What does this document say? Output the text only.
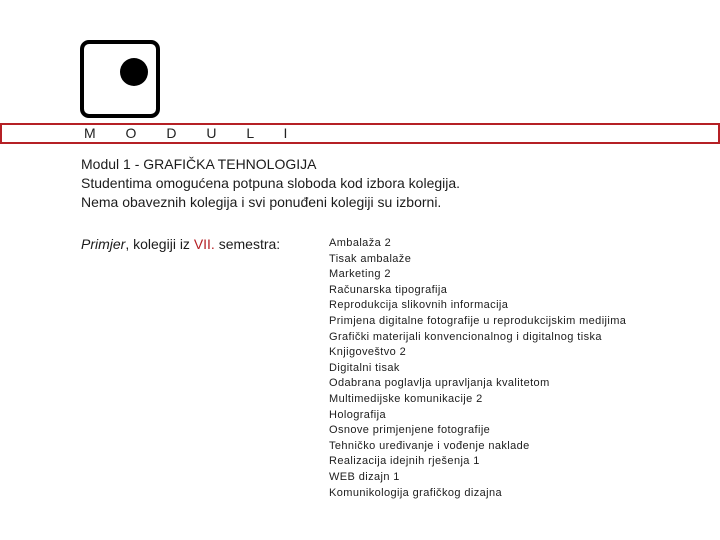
M O D U L I
Modul 1 - GRAFIČKA TEHNOLOGIJA
Studentima omogućena potpuna sloboda kod izbora kolegija.
Nema obaveznih kolegija i svi ponuđeni kolegiji su izborni.
Primjer, kolegiji iz VII. semestra:	Ambalaža 2
Tisak ambalaže
Marketing 2
Računarska tipografija
Reprodukcija slikovnih informacija
Primjena digitalne fotografije u reprodukcijskim medijima
Grafički materijali konvencionalnog i digitalnog tiska
Knjigoveštvo 2
Digitalni tisak
Odabrana poglavlja upravljanja kvalitetom
Multimedijske komunikacije 2
Holografija
Osnove primjenjene fotografije
Tehničko uređivanje i vođenje naklade
Realizacija idejnih rješenja 1
WEB dizajn 1
Komunikologija grafičkog dizajna
